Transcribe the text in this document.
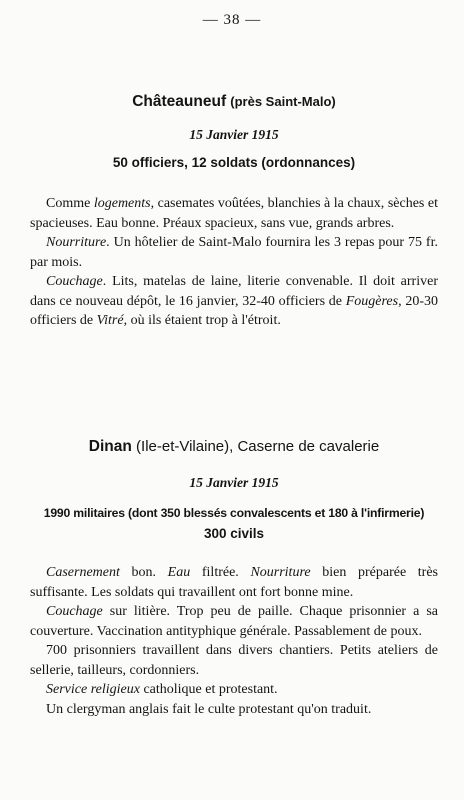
— 38 —
Châteauneuf (près Saint-Malo)
15 Janvier 1915
50 officiers, 12 soldats (ordonnances)

Comme logements, casemates voûtées, blanchies à la chaux, sèches et spacieuses. Eau bonne. Préaux spacieux, sans vue, grands arbres.

Nourriture. Un hôtelier de Saint-Malo fournira les 3 repas pour 75 fr. par mois.

Couchage. Lits, matelas de laine, literie convenable. Il doit arriver dans ce nouveau dépôt, le 16 janvier, 32-40 officiers de Fougères, 20-30 officiers de Vitré, où ils étaient trop à l'étroit.

Dinan (Ile-et-Vilaine), Caserne de cavalerie
15 Janvier 1915
1990 militaires (dont 350 blessés convalescents et 180 à l'infirmerie)
300 civils

Casernement bon. Eau filtrée. Nourriture bien préparée très suffisante. Les soldats qui travaillent ont fort bonne mine.

Couchage sur litière. Trop peu de paille. Chaque prisonnier a sa couverture. Vaccination antityphique générale. Passablement de poux.

700 prisonniers travaillent dans divers chantiers. Petits ateliers de sellerie, tailleurs, cordonniers.

Service religieux catholique et protestant.

Un clergyman anglais fait le culte protestant qu'on traduit.
